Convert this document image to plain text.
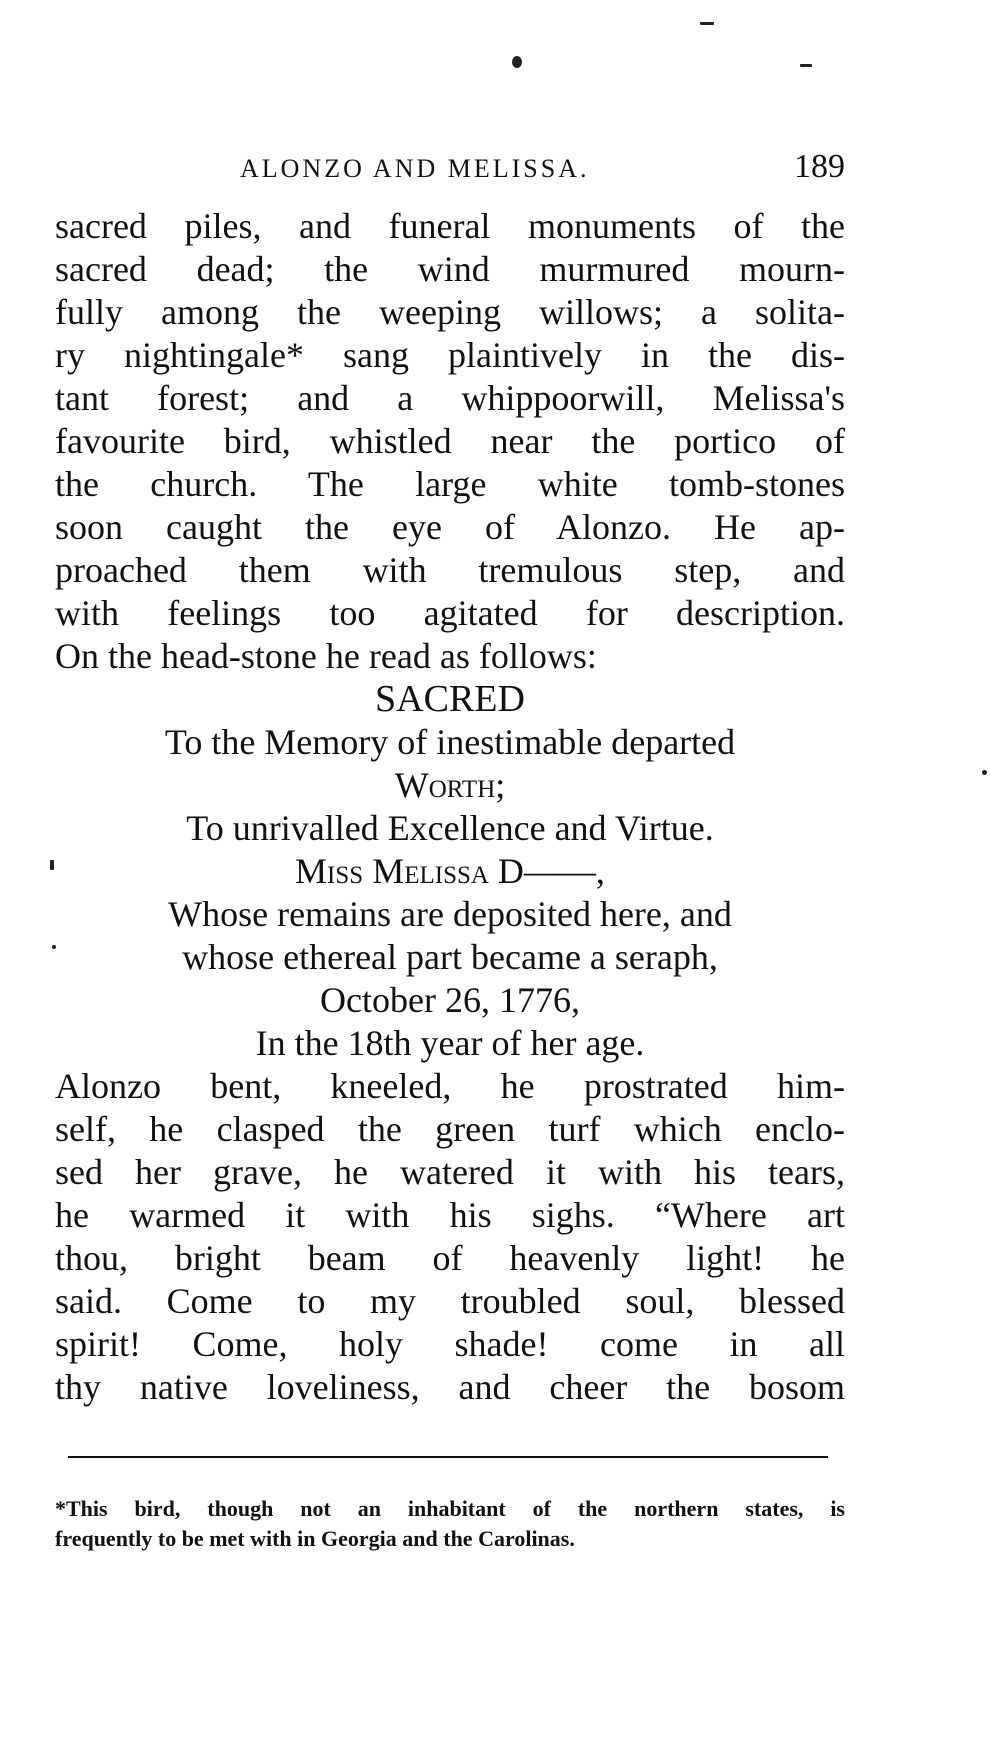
ALONZO AND MELISSA.	189
sacred piles, and funeral monuments of the
sacred dead; the wind murmured mourn-
fully among the weeping willows; a solita-
ry nightingale* sang plaintively in the dis-
tant forest; and a whippoorwill, Melissa's
favourite bird, whistled near the portico of
the church. The large white tomb-stones
soon caught the eye of Alonzo. He ap-
proached them with tremulous step, and
with feelings too agitated for description.
On the head-stone he read as follows:
SACRED
To the Memory of inestimable departed
Worth;
To unrivalled Excellence and Virtue.
Miss Melissa D——,
Whose remains are deposited here, and
whose ethereal part became a seraph,
October 26, 1776,
In the 18th year of her age.
Alonzo bent, kneeled, he prostrated him-
self, he clasped the green turf which enclo-
sed her grave, he watered it with his tears,
he warmed it with his sighs. “Where art
thou, bright beam of heavenly light! he
said. Come to my troubled soul, blessed
spirit! Come, holy shade! come in all
thy native loveliness, and cheer the bosom
*This bird, though not an inhabitant of the northern states, is
frequently to be met with in Georgia and the Carolinas.
